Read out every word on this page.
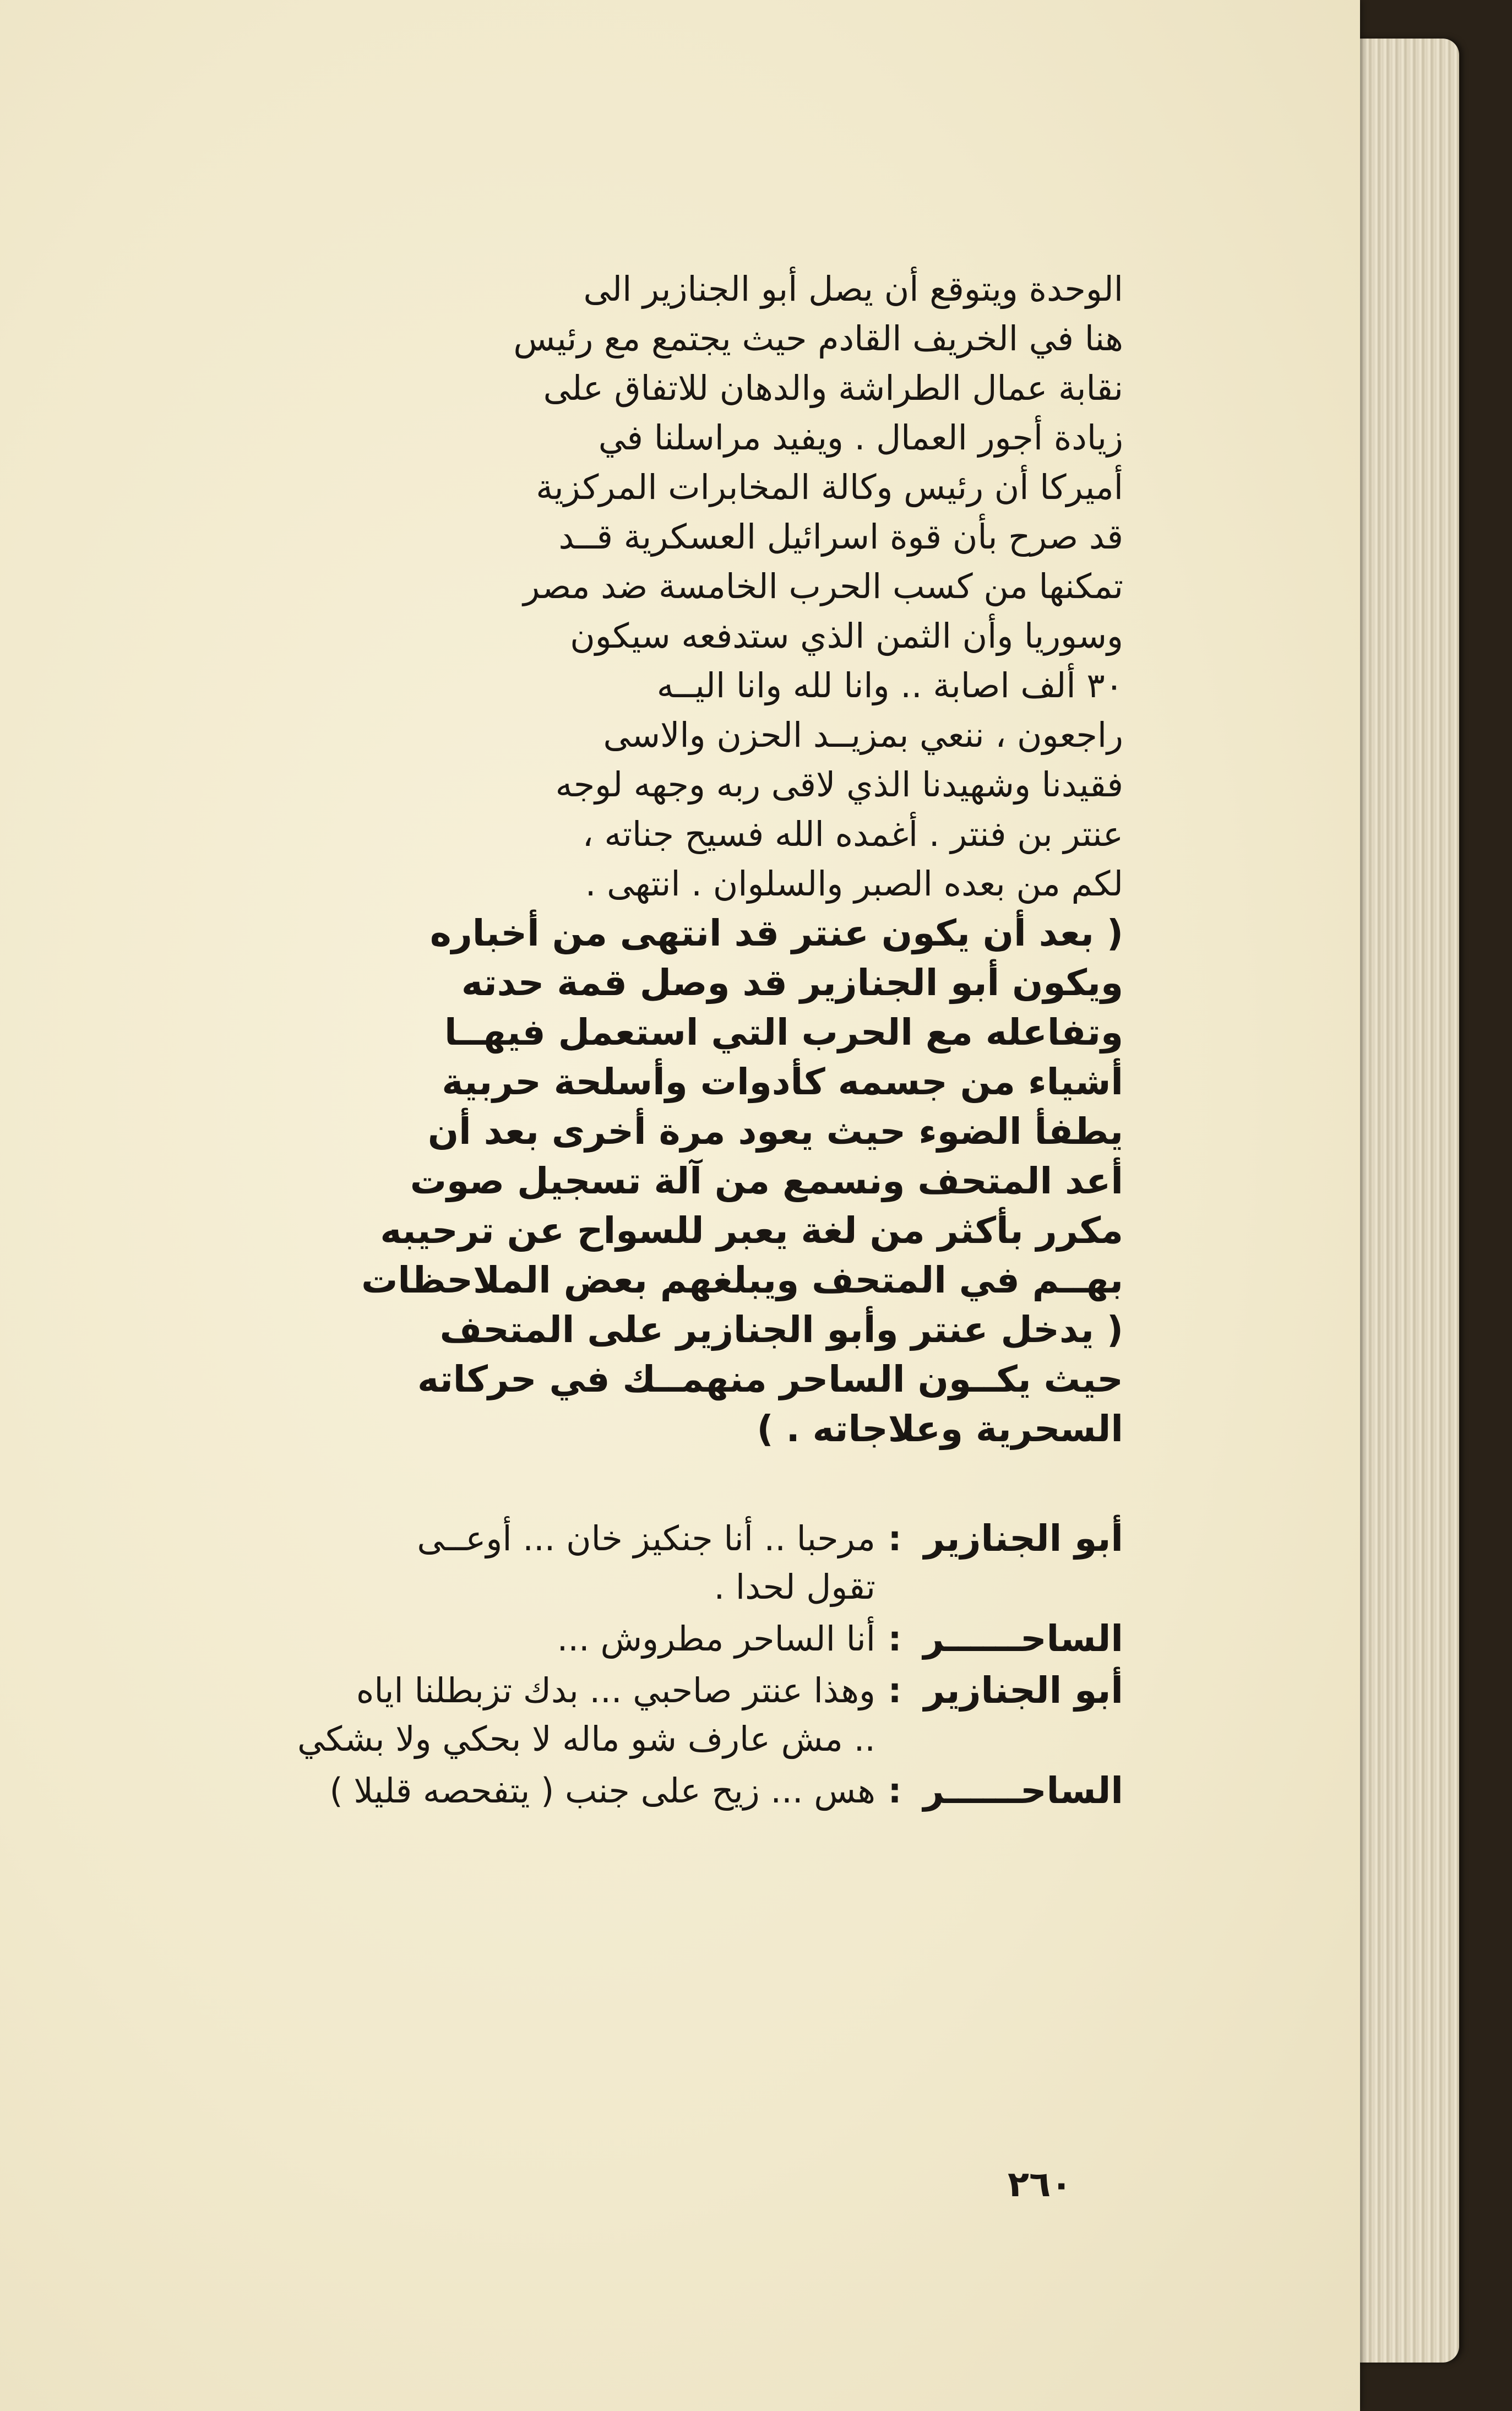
الوحدة ويتوقع أن يصل أبو الجنازير الى
هنا في الخريف القادم حيث يجتمع مع رئيس
نقابة عمال الطراشة والدهان للاتفاق على
زيادة أجور العمال . ويفيد مراسلنا في
أميركا أن رئيس وكالة المخابرات المركزية
قد صرح بأن قوة اسرائيل العسكرية قــد
تمكنها من كسب الحرب الخامسة ضد مصر
وسوريا وأن الثمن الذي ستدفعه سيكون
٣٠ ألف اصابة .. وانا لله وانا اليــه
راجعون ، ننعي بمزيــد الحزن والاسى
فقيدنا وشهيدنا الذي لاقى ربه وجهه لوجه
عنتر بن فنتر . أغمده الله فسيح جناته ،
لكم من بعده الصبر والسلوان . انتهى .
( بعد أن يكون عنتر قد انتهى من أخباره
ويكون أبو الجنازير قد وصل قمة حدته
وتفاعله مع الحرب التي استعمل فيهــا
أشياء من جسمه كأدوات وأسلحة حربية
يطفأ الضوء حيث يعود مرة أخرى بعد أن
أعد المتحف ونسمع من آلة تسجيل صوت
مكرر بأكثر من لغة يعبر للسواح عن ترحيبه
بهــم في المتحف ويبلغهم بعض الملاحظات
( يدخل عنتر وأبو الجنازير على المتحف
حيث يكــون الساحر منهمــك في حركاته
السحرية وعلاجاته . )
أبو الجنازير
:
مرحبا .. أنا جنكيز خان ... أوعــى
تقول لحدا .
الساحــــــر
:
أنا الساحر مطروش ...
أبو الجنازير
:
وهذا عنتر صاحبي ... بدك تزبطلنا اياه
.. مش عارف شو ماله لا بحكي ولا بشكي
الساحــــــر
:
هس ... زيح على جنب ( يتفحصه قليلا )
٢٦٠
